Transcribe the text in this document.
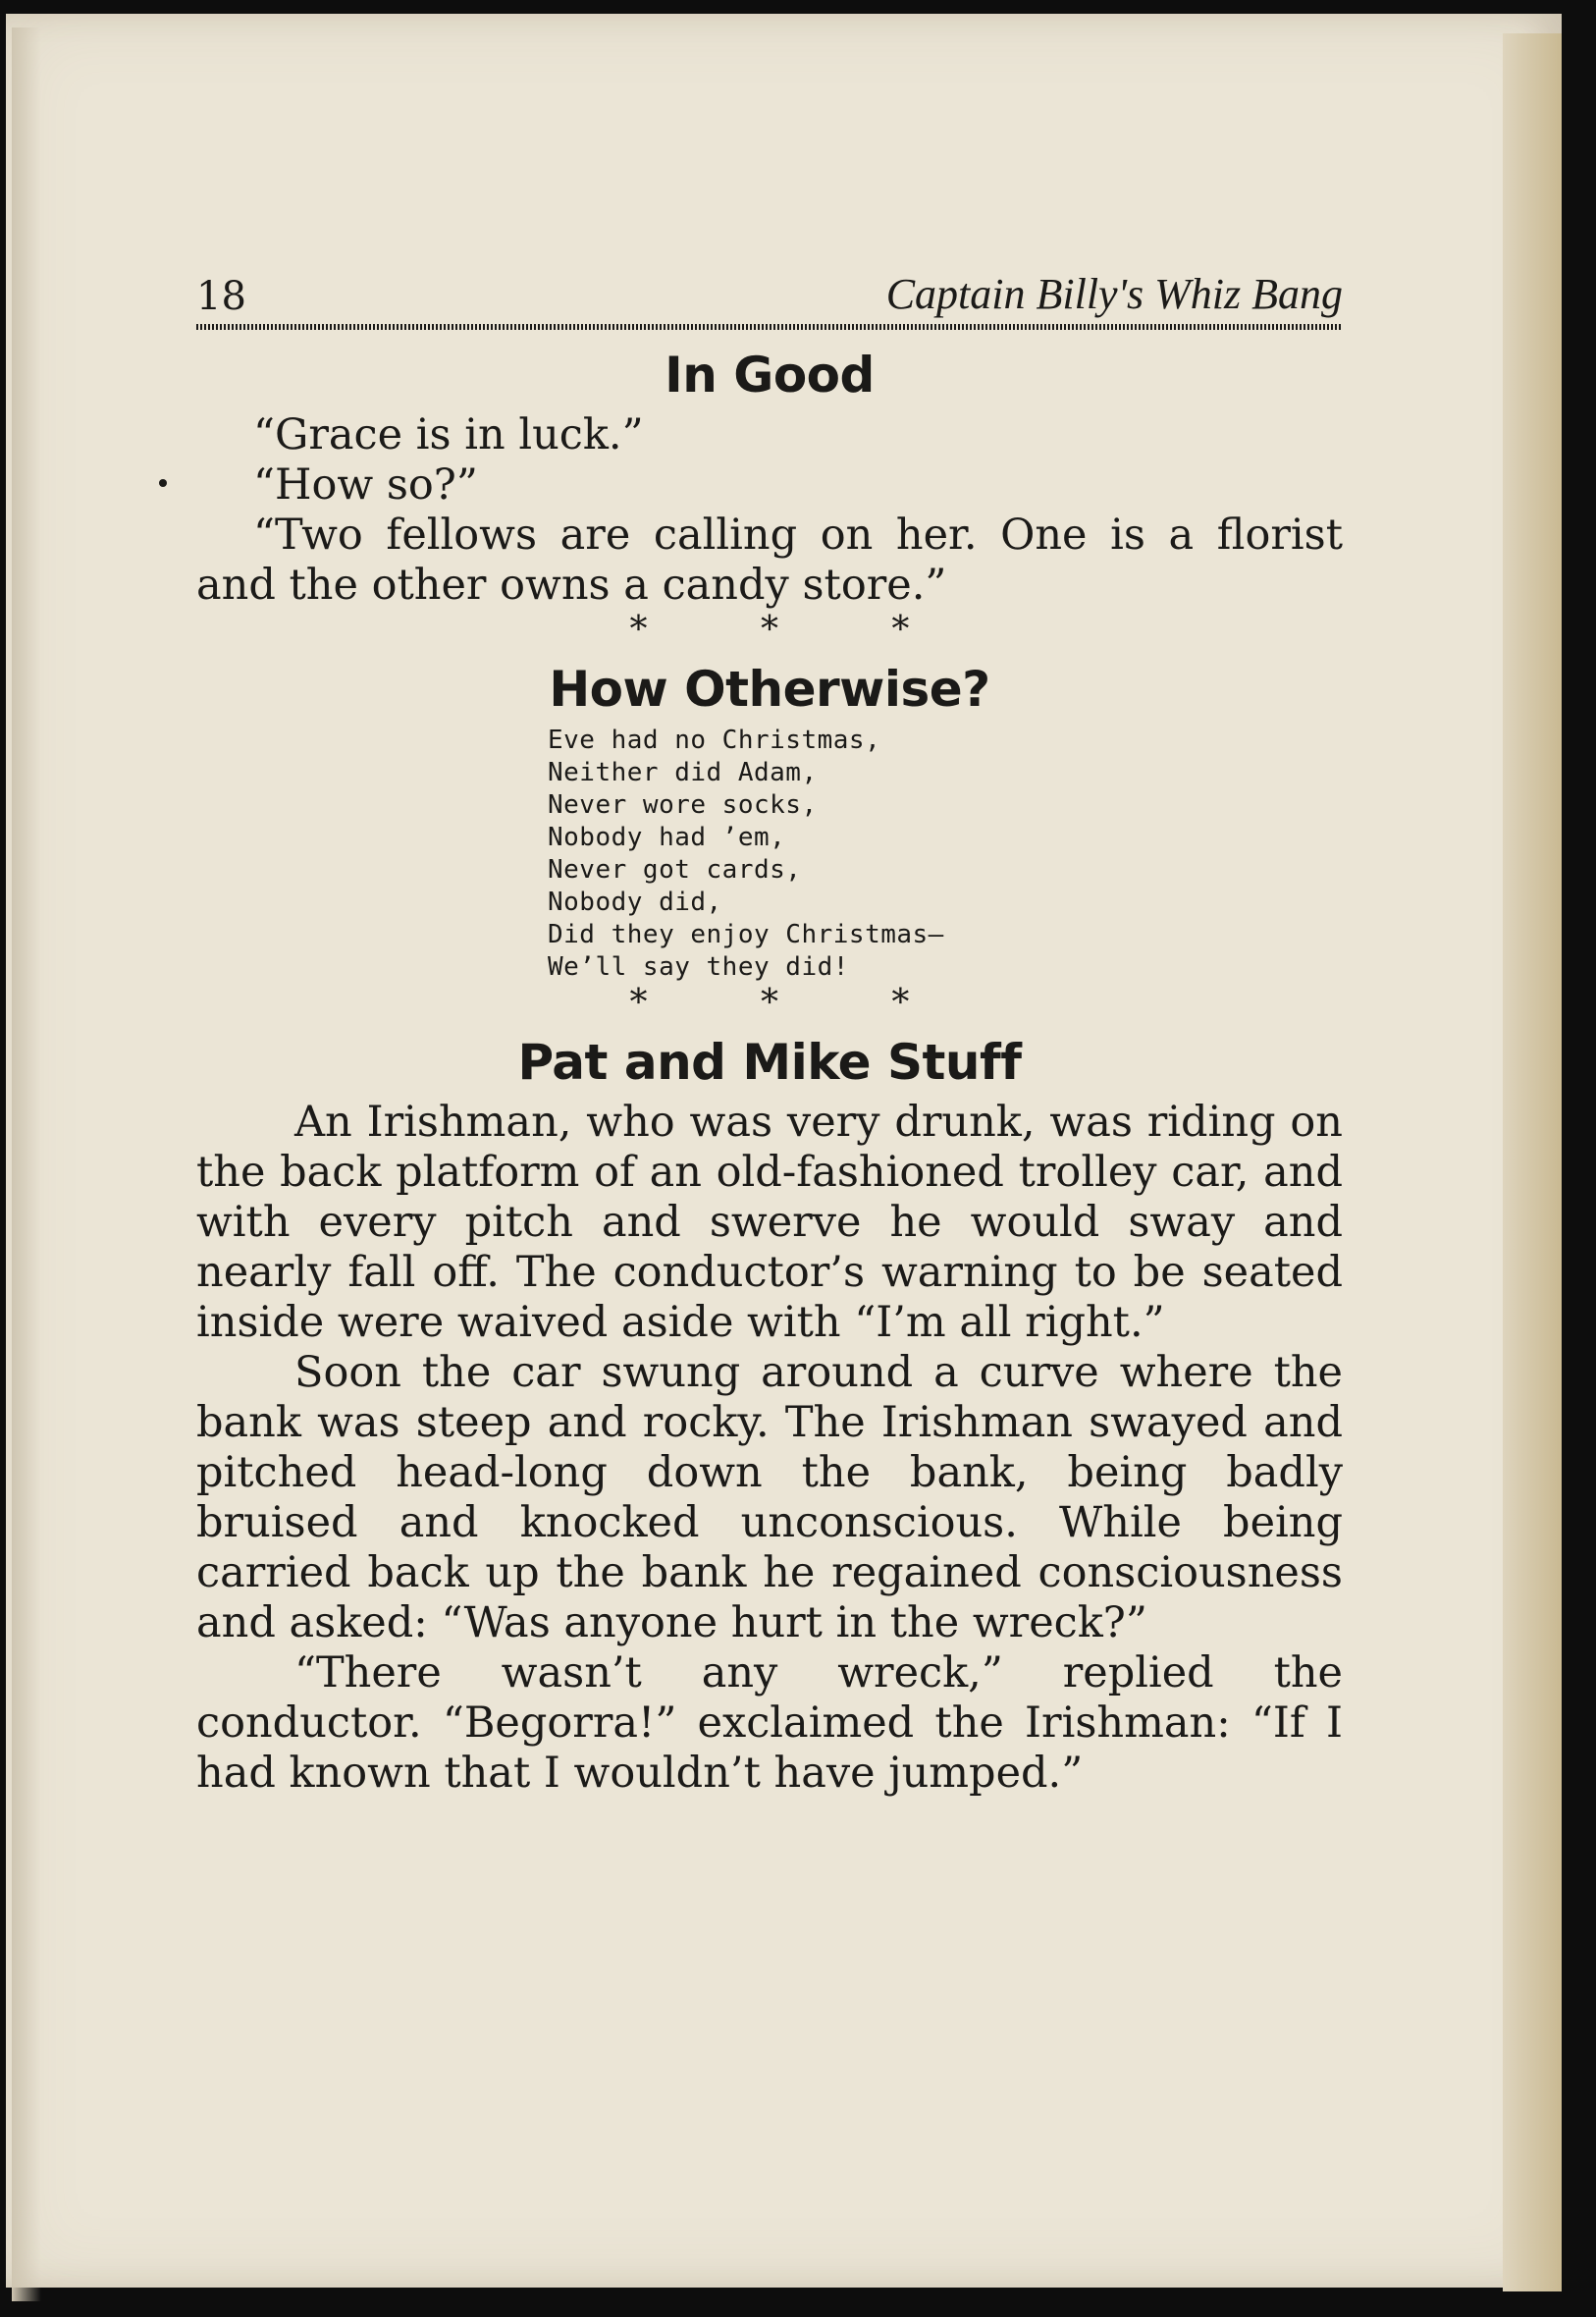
18	Captain Billy's Whiz Bang
In Good

“Grace is in luck.”

“How so?”

“Two fellows are calling on her. One is a florist and the other owns a candy store.”

* * *
How Otherwise?
Eve had no Christmas,
Neither did Adam,
Never wore socks,
Nobody had ’em,
Never got cards,
Nobody did,
Did they enjoy Christmas—
We’ll say they did!
* * *
Pat and Mike Stuff

An Irishman, who was very drunk, was riding on the back platform of an old-fashioned trolley car, and with every pitch and swerve he would sway and nearly fall off. The conductor’s warning to be seated inside were waived aside with “I’m all right.”

Soon the car swung around a curve where the bank was steep and rocky. The Irishman swayed and pitched head-long down the bank, being badly bruised and knocked unconscious. While being carried back up the bank he regained consciousness and asked: “Was anyone hurt in the wreck?”

“There wasn’t any wreck,” replied the conductor. “Begorra!” exclaimed the Irishman: “If I had known that I wouldn’t have jumped.”
